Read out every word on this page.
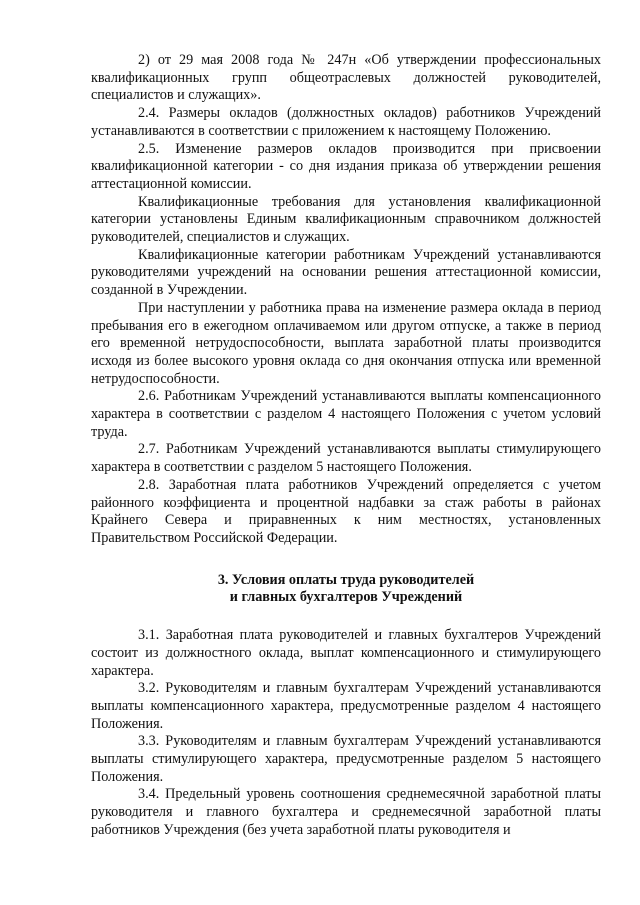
2) от 29 мая 2008 года № 247н «Об утверждении профессиональных квалификационных групп общеотраслевых должностей руководителей, специалистов и служащих».

2.4. Размеры окладов (должностных окладов) работников Учреждений устанавливаются в соответствии с приложением к настоящему Положению.

2.5. Изменение размеров окладов производится при присвоении квалификационной категории - со дня издания приказа об утверждении решения аттестационной комиссии.

Квалификационные требования для установления квалификационной категории установлены Единым квалификационным справочником должностей руководителей, специалистов и служащих.

Квалификационные категории работникам Учреждений устанавливаются руководителями учреждений на основании решения аттестационной комиссии, созданной в Учреждении.

При наступлении у работника права на изменение размера оклада в период пребывания его в ежегодном оплачиваемом или другом отпуске, а также в период его временной нетрудоспособности, выплата заработной платы производится исходя из более высокого уровня оклада со дня окончания отпуска или временной нетрудоспособности.

2.6. Работникам Учреждений устанавливаются выплаты компенсационного характера в соответствии с разделом 4 настоящего Положения с учетом условий труда.

2.7. Работникам Учреждений устанавливаются выплаты стимулирующего характера в соответствии с разделом 5 настоящего Положения.

2.8. Заработная плата работников Учреждений определяется с учетом районного коэффициента и процентной надбавки за стаж работы в районах Крайнего Севера и приравненных к ним местностях, установленных Правительством Российской Федерации.

3. Условия оплаты труда руководителей
и главных бухгалтеров Учреждений

3.1. Заработная плата руководителей и главных бухгалтеров Учреждений состоит из должностного оклада, выплат компенсационного и стимулирующего характера.

3.2. Руководителям и главным бухгалтерам Учреждений устанавливаются выплаты компенсационного характера, предусмотренные разделом 4 настоящего Положения.

3.3. Руководителям и главным бухгалтерам Учреждений устанавливаются выплаты стимулирующего характера, предусмотренные разделом 5 настоящего Положения.

3.4. Предельный уровень соотношения среднемесячной заработной платы руководителя и главного бухгалтера и среднемесячной заработной платы работников Учреждения (без учета заработной платы руководителя и
